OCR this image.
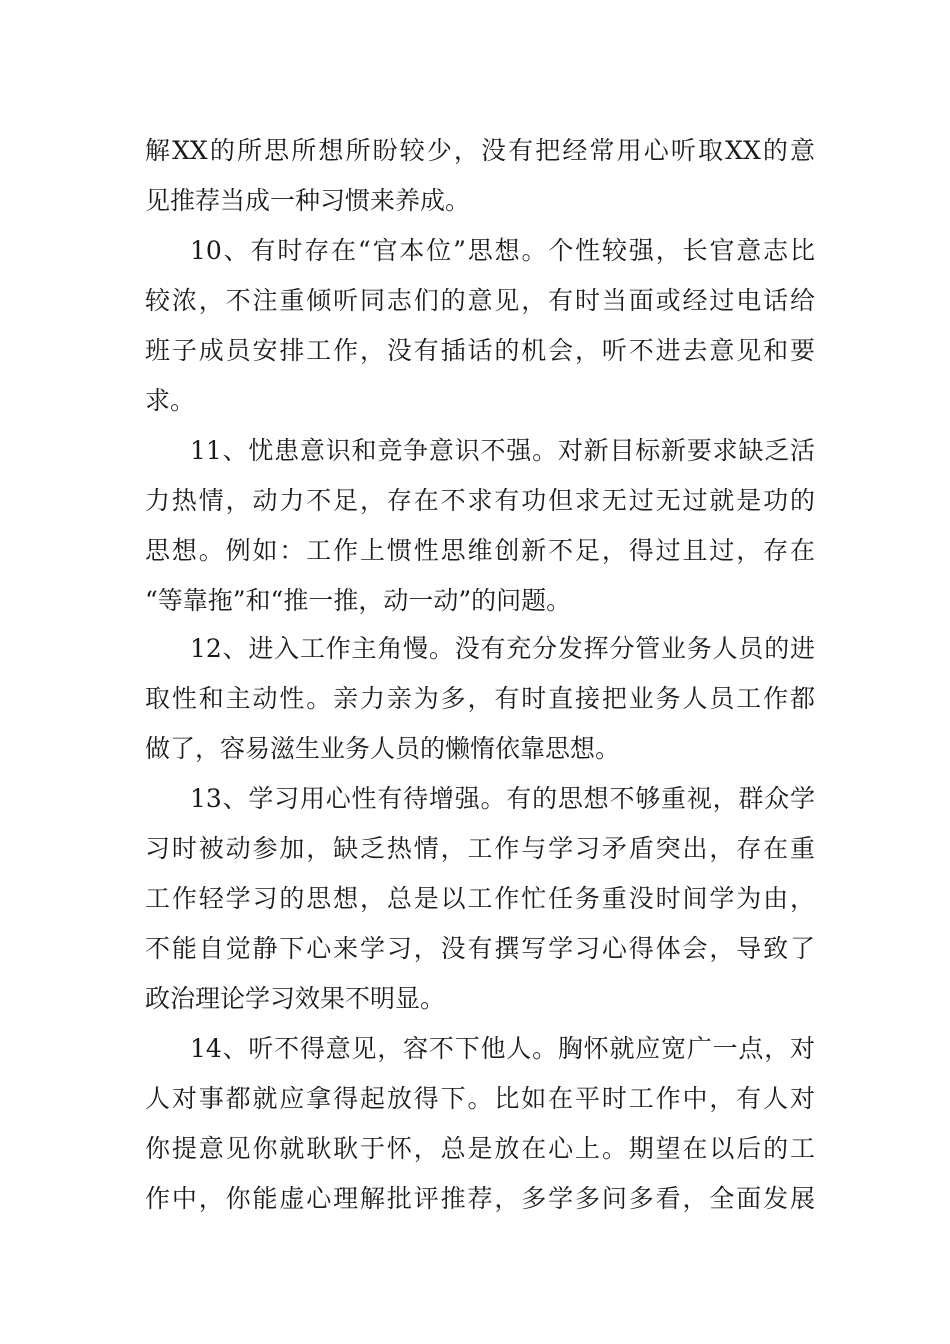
解XX的所思所想所盼较少，没有把经常用心听取XX的意
见推荐当成一种习惯来养成。
10、有时存在“官本位”思想。个性较强，长官意志比
较浓，不注重倾听同志们的意见，有时当面或经过电话给
班子成员安排工作，没有插话的机会，听不进去意见和要
求。
11、忧患意识和竞争意识不强。对新目标新要求缺乏活
力热情，动力不足，存在不求有功但求无过无过就是功的
思想。例如：工作上惯性思维创新不足，得过且过，存在
“等靠拖”和“推一推，动一动”的问题。
12、进入工作主角慢。没有充分发挥分管业务人员的进
取性和主动性。亲力亲为多，有时直接把业务人员工作都
做了，容易滋生业务人员的懒惰依靠思想。
13、学习用心性有待增强。有的思想不够重视，群众学
习时被动参加，缺乏热情，工作与学习矛盾突出，存在重
工作轻学习的思想，总是以工作忙任务重没时间学为由，
不能自觉静下心来学习，没有撰写学习心得体会，导致了
政治理论学习效果不明显。
14、听不得意见，容不下他人。胸怀就应宽广一点，对
人对事都就应拿得起放得下。比如在平时工作中，有人对
你提意见你就耿耿于怀，总是放在心上。期望在以后的工
作中，你能虚心理解批评推荐，多学多问多看，全面发展
